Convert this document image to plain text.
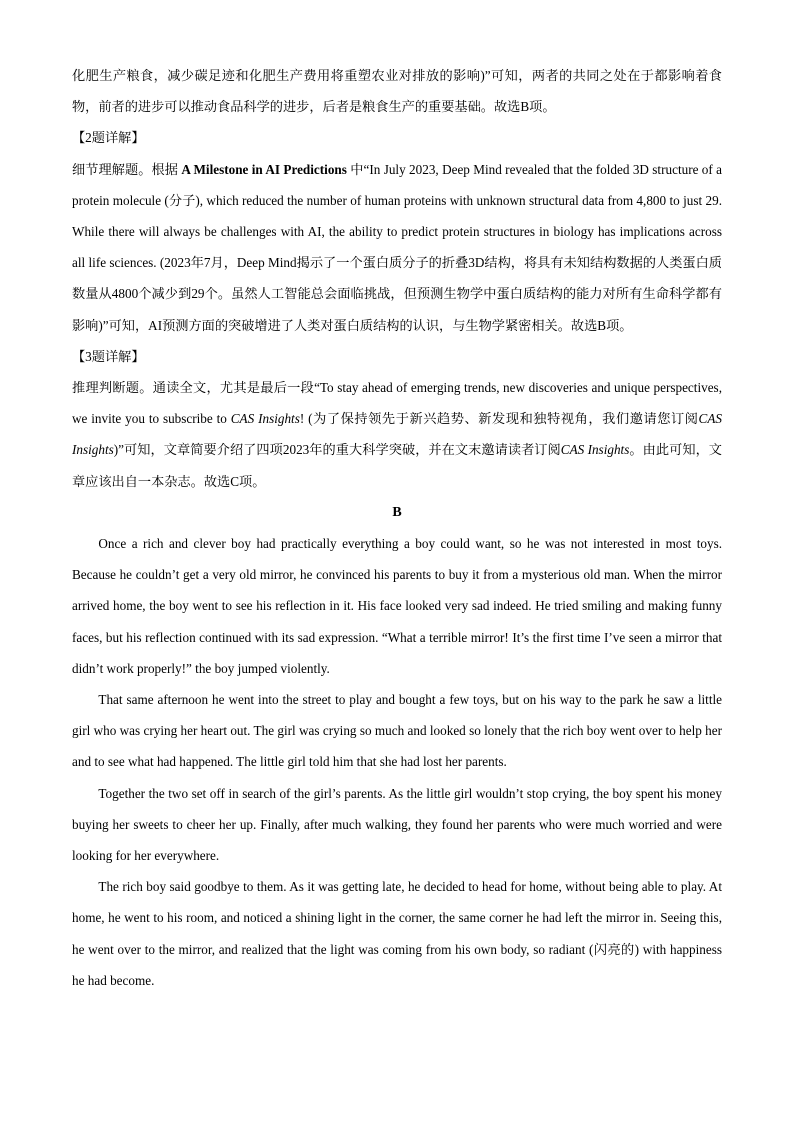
化肥生产粮食，减少碳足迹和化肥生产费用将重塑农业对排放的影响)”可知，两者的共同之处在于都影响着食物，前者的进步可以推动食品科学的进步，后者是粮食生产的重要基础。故选B项。

【2题详解】

细节理解题。根据 A Milestone in AI Predictions 中“In July 2023, Deep Mind revealed that the folded 3D structure of a protein molecule (分子), which reduced the number of human proteins with unknown structural data from 4,800 to just 29. While there will always be challenges with AI, the ability to predict protein structures in biology has implications across all life sciences. (2023年7月，Deep Mind揭示了一个蛋白质分子的折叠3D结构，将具有未知结构数据的人类蛋白质数量从4800个减少到29个。虽然人工智能总会面临挑战，但预测生物学中蛋白质结构的能力对所有生命科学都有影响)”可知，AI预测方面的突破增进了人类对蛋白质结构的认识，与生物学紧密相关。故选B项。

【3题详解】

推理判断题。通读全文，尤其是最后一段“To stay ahead of emerging trends, new discoveries and unique perspectives, we invite you to subscribe to CAS Insights! (为了保持领先于新兴趋势、新发现和独特视角，我们邀请您订阅CAS Insights)”可知，文章简要介绍了四项2023年的重大科学突破，并在文末邀请读者订阅CAS Insights。由此可知，文章应该出自一本杂志。故选C项。

B

Once a rich and clever boy had practically everything a boy could want, so he was not interested in most toys. Because he couldn’t get a very old mirror, he convinced his parents to buy it from a mysterious old man. When the mirror arrived home, the boy went to see his reflection in it. His face looked very sad indeed. He tried smiling and making funny faces, but his reflection continued with its sad expression. “What a terrible mirror! It’s the first time I’ve seen a mirror that didn’t work properly!” the boy jumped violently.

That same afternoon he went into the street to play and bought a few toys, but on his way to the park he saw a little girl who was crying her heart out. The girl was crying so much and looked so lonely that the rich boy went over to help her and to see what had happened. The little girl told him that she had lost her parents.

Together the two set off in search of the girl’s parents. As the little girl wouldn’t stop crying, the boy spent his money buying her sweets to cheer her up. Finally, after much walking, they found her parents who were much worried and were looking for her everywhere.

The rich boy said goodbye to them. As it was getting late, he decided to head for home, without being able to play. At home, he went to his room, and noticed a shining light in the corner, the same corner he had left the mirror in. Seeing this, he went over to the mirror, and realized that the light was coming from his own body, so radiant (闪亮的) with happiness he had become.
